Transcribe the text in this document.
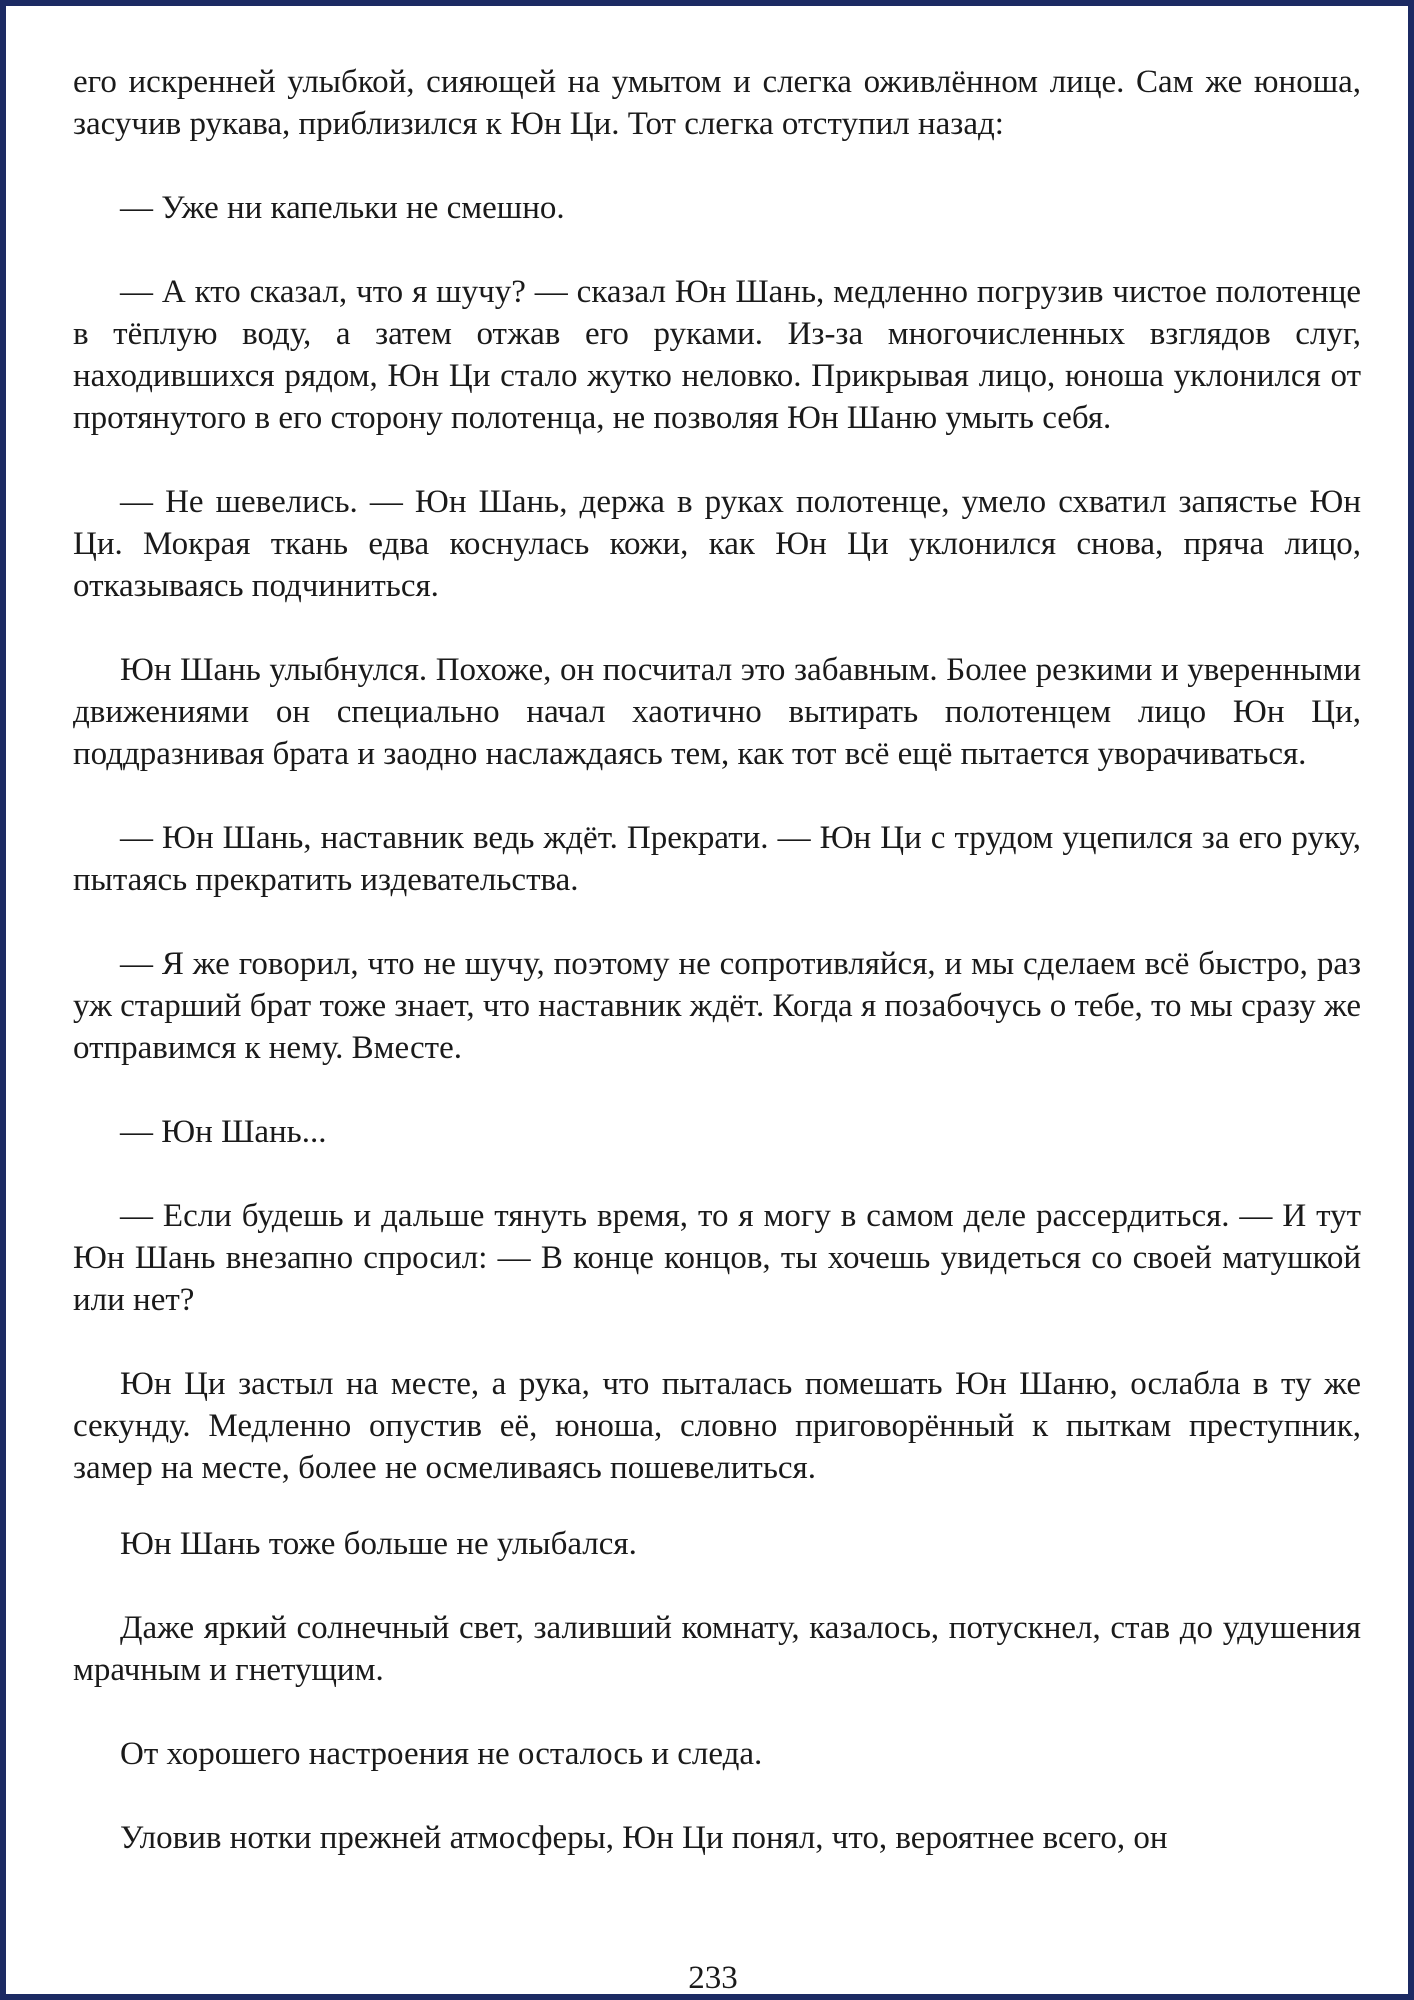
его искренней улыбкой, сияющей на умытом и слегка оживлённом лице. Сам же юноша, засучив рукава, приблизился к Юн Ци. Тот слегка отступил назад:

— Уже ни капельки не смешно.

— А кто сказал, что я шучу? — сказал Юн Шань, медленно погрузив чистое полотенце в тёплую воду, а затем отжав его руками. Из-за многочисленных взглядов слуг, находившихся рядом, Юн Ци стало жутко неловко. Прикрывая лицо, юноша уклонился от протянутого в его сторону полотенца, не позволяя Юн Шаню умыть себя.

— Не шевелись. — Юн Шань, держа в руках полотенце, умело схватил запястье Юн Ци. Мокрая ткань едва коснулась кожи, как Юн Ци уклонился снова, пряча лицо, отказываясь подчиниться.

Юн Шань улыбнулся. Похоже, он посчитал это забавным. Более резкими и уверенными движениями он специально начал хаотично вытирать полотенцем лицо Юн Ци, поддразнивая брата и заодно наслаждаясь тем, как тот всё ещё пытается уворачиваться.

— Юн Шань, наставник ведь ждёт. Прекрати. — Юн Ци с трудом уцепился за его руку, пытаясь прекратить издевательства.

— Я же говорил, что не шучу, поэтому не сопротивляйся, и мы сделаем всё быстро, раз уж старший брат тоже знает, что наставник ждёт. Когда я позабочусь о тебе, то мы сразу же отправимся к нему. Вместе.

— Юн Шань...

— Если будешь и дальше тянуть время, то я могу в самом деле рассердиться. — И тут Юн Шань внезапно спросил: — В конце концов, ты хочешь увидеться со своей матушкой или нет?

Юн Ци застыл на месте, а рука, что пыталась помешать Юн Шаню, ослабла в ту же секунду. Медленно опустив её, юноша, словно приговорённый к пыткам преступник, замер на месте, более не осмеливаясь пошевелиться.

Юн Шань тоже больше не улыбался.

Даже яркий солнечный свет, заливший комнату, казалось, потускнел, став до удушения мрачным и гнетущим.

От хорошего настроения не осталось и следа.

Уловив нотки прежней атмосферы, Юн Ци понял, что, вероятнее всего, он

233
